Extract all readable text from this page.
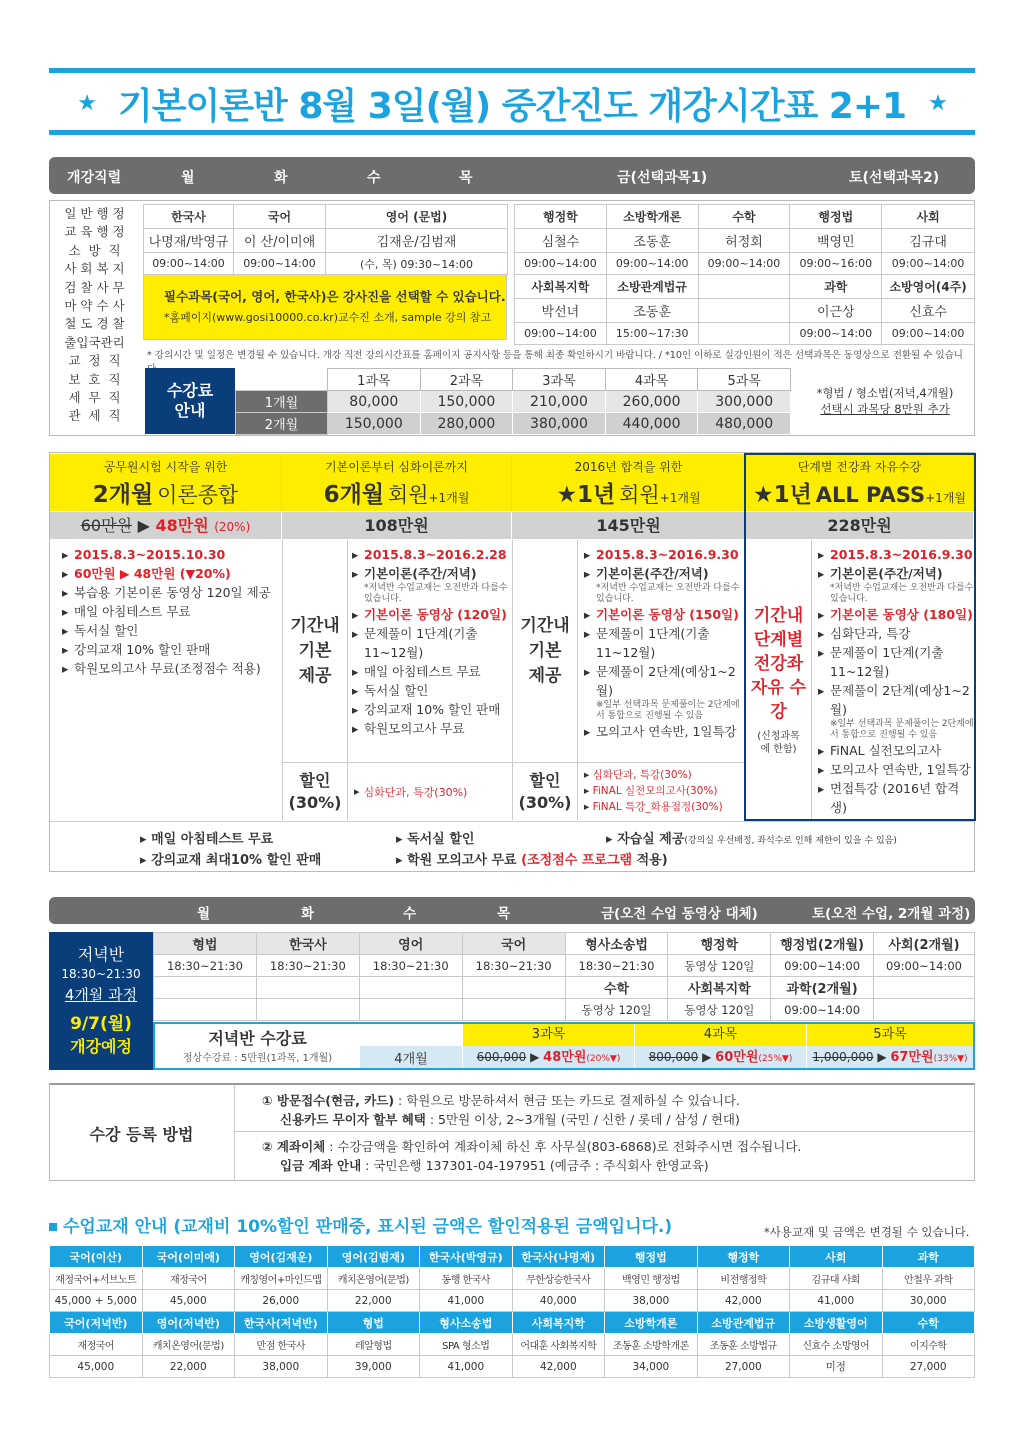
★ 기본이론반 8월 3일(월) 중간진도 개강시간표 2+1 ★
개강직렬	월	화	수	목	금(선택과목1)	토(선택과목2)
일 반 행 정
교 육 행 정
소  방  직
사 회 복 지
검 찰 사 무
마 약 수 사
철 도 경 찰
출입국관리
교  정  직
보  호  직
세  무  직
관  세  직
한국사	국어	영어 (문법)
나명재/박영규	이 산/이미애	김재운/김범재
09:00~14:00	09:00~14:00	(수, 목) 09:30~14:00
필수과목(국어, 영어, 한국사)은 강사진을 선택할 수 있습니다.
*홈페이지(www.gosi10000.co.kr)교수진 소개, sample 강의 참고
행정학	소방학개론	수학	행정법	사회
심철수	조동훈	허정회	백영민	김규대
09:00~14:00	09:00~14:00	09:00~14:00	09:00~16:00	09:00~14:00
사회복지학	소방관계법규		과학	소방영어(4주)
박선녀	조동훈		이근상	신효수
09:00~14:00	15:00~17:30		09:00~14:00	09:00~14:00
* 강의시간 및 일정은 변경될 수 있습니다. 개강 직전 강의시간표를 홈페이지 공지사항 등을 통해 최종 확인하시기 바랍니다. / *10인 이하로 실강인원이 적은 선택과목은 동영상으로 전환될 수 있습니
수강료 안내
	1과목	2과목	3과목	4과목	5과목
1개월	80,000	150,000	210,000	260,000	300,000
2개월	150,000	280,000	380,000	440,000	480,000
*형법 / 형소법(저녁,4개월)
선택시 과목당 8만원 추가
공무원시험 시작을 위한
2개월 이론종합
60만원 ▶ 48만원 (20%)
기본이론부터 심화이론까지
6개월 회원+1개월
108만원
2016년 합격을 위한
★1년 회원+1개월
145만원
단계별 전강좌 자유수강
★1년 ALL PASS+1개월
228만원
▸ 2015.8.3~2015.10.30
▸ 60만원 ▶ 48만원 (▼20%)
▸ 복습용 기본이론 동영상 120일 제공
▸ 매일 아침테스트 무료
▸ 독서실 할인
▸ 강의교재 10% 할인 판매
▸ 학원모의고사 무료(조정점수 적용)
기간내 기본 제공
▸ 2015.8.3~2016.2.28
▸ 기본이론(주간/저녁)
*저녁반 수업교재는 오전반과 다를수 있습니다.
▸ 기본이론 동영상 (120일)
▸ 문제풀이 1단계(기출11~12월)
▸ 매일 아침테스트 무료
▸ 독서실 할인
▸ 강의교재 10% 할인 판매
▸ 학원모의고사 무료
할인 (30%)
▸ 심화단과, 특강(30%)
기간내 기본 제공
▸ 2015.8.3~2016.9.30
▸ 기본이론(주간/저녁)
*저녁반 수업교재는 오전반과 다를수 있습니다.
▸ 기본이론 동영상 (150일)
▸ 문제풀이 1단계(기출11~12월)
▸ 문제풀이 2단계(예상1~2월)
※일부 선택과목 문제풀이는 2단계에서 통합으로 진행될 수 있음
▸ 모의고사 연속반, 1일특강
할인 (30%)
▸ 심화단과, 특강(30%)
▸ FiNAL 실전모의고사(30%)
▸ FiNAL 특강_화용점정(30%)
기간내 단계별 전강좌 자유 수강
(신청과목 에 한함)
▸ 2015.8.3~2016.9.30
▸ 기본이론(주간/저녁)
*저녁반 수업교재는 오전반과 다를수 있습니다.
▸ 기본이론 동영상 (180일)
▸ 심화단과, 특강
▸ 문제풀이 1단계(기출11~12월)
▸ 문제풀이 2단계(예상1~2월)
※일부 선택과목 문제풀이는 2단계에서 통합으로 진행될 수 있음
▸ FiNAL 실전모의고사
▸ 모의고사 연속반, 1일특강
▸ 면접특강 (2016년 합격생)
▸ 매일 아침테스트 무료	▸ 독서실 할인	▸ 자습실 제공(강의실 우선배정, 좌석수로 인해 제한이 있을 수 있음)
▸ 강의교재 최대10% 할인 판매	▸ 학원 모의고사 무료 (조정점수 프로그램 적용)
월	화	수	목	금(오전 수업 동영상 대체)	토(오전 수업, 2개월 과정)
저녁반
18:30~21:30
4개월 과정
9/7(월)
개강예정
형법	한국사	영어	국어	형사소송법	행정학	행정법(2개월)	사회(2개월)
18:30~21:30	18:30~21:30	18:30~21:30	18:30~21:30	18:30~21:30	동영상 120일	09:00~14:00	09:00~14:00
				수학	사회복지학	과학(2개월)	
				동영상 120일	동영상 120일	09:00~14:00	
저녁반 수강료
정상수강료 : 5만원(1과목, 1개월)	4개월
3과목
600,000 ▶ 48만원(20%▼)
4과목
800,000 ▶ 60만원(25%▼)
5과목
1,000,000 ▶ 67만원(33%▼)
수강 등록 방법
① 방문접수(현금, 카드) : 학원으로 방문하셔서 현금 또는 카드로 결제하실 수 있습니다.
신용카드 무이자 할부 혜택 : 5만원 이상, 2~3개월 (국민 / 신한 / 롯데 / 삼성 / 현대)
② 계좌이체 : 수강금액을 확인하여 계좌이체 하신 후 사무실(803-6868)로 전화주시면 접수됩니다.
입금 계좌 안내 : 국민은행 137301-04-197951 (예금주 : 주식회사 한영교육)
수업교재 안내 (교재비 10%할인 판매중, 표시된 금액은 할인적용된 금액입니다.)	*사용교재 및 금액은 변경될 수 있습니다.
국어(이산)	국어(이미애)	영어(김재운)	영어(김범재)	한국사(박영규)	한국사(나명재)	행정법	행정학	사회	과학
재정국어+서브노트	재정국어	캐칭영어+마인드맵	캐치온영어(문법)	동행 한국사	무한상승한국사	백영민 행정법	비전행정학	김규대 사회	안철우 과학
45,000 + 5,000	45,000	26,000	22,000	41,000	40,000	38,000	42,000	41,000	30,000
국어(저녁반)	영어(저녁반)	한국사(저녁반)	형법	형사소송법	사회복지학	소방학개론	소방관계법규	소방생활영어	수학
재정국어	캐치온영어(문법)	만점 한국사	레알형법	SPA 형소법	어대훈 사회복지학	조동훈 소방학개론	조동훈 소방법규	신효수 소방영어	이지수학
45,000	22,000	38,000	39,000	41,000	42,000	34,000	27,000	미정	27,000
